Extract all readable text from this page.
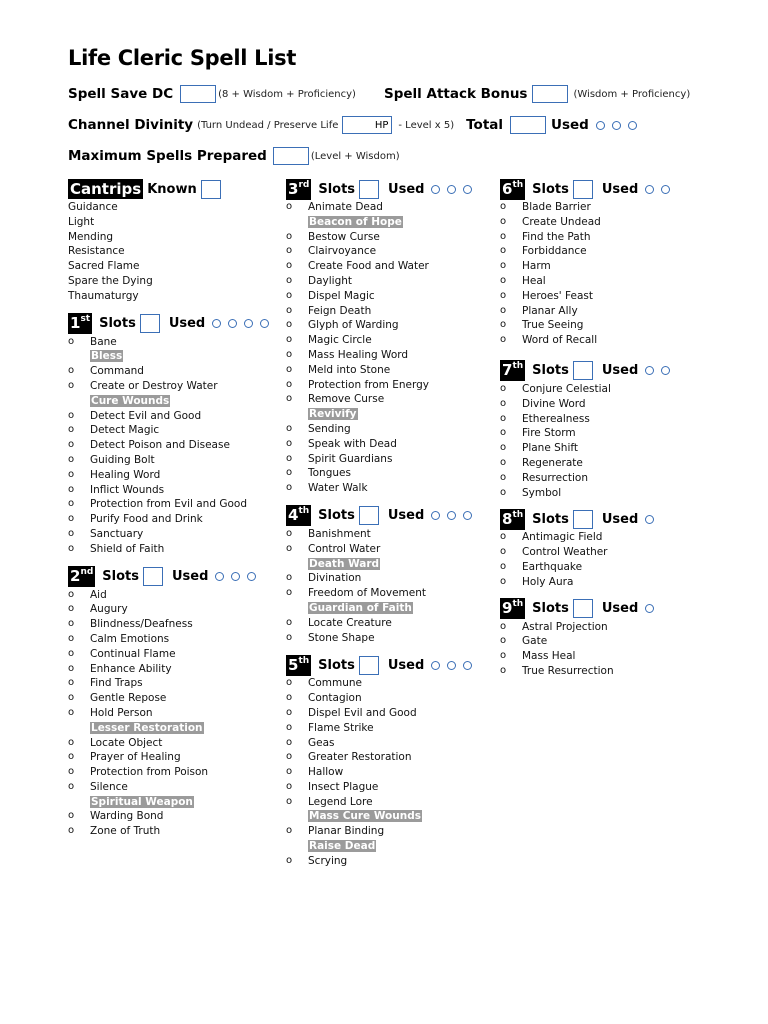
Life Cleric Spell List
Spell Save DC	(8 + Wisdom + Proficiency) Spell Attack Bonus	(Wisdom + Proficiency)
Channel Divinity (Turn Undead / Preserve Life	HP - Level x 5) Total	Used
Maximum Spells Prepared	(Level + Wisdom)
Cantrips Known
Guidance
Light
Mending
Resistance
Sacred Flame
Spare the Dying
Thaumaturgy
1st Slots	Used
o Bane
Bless
o Command
o Create or Destroy Water
Cure Wounds
o Detect Evil and Good
o Detect Magic
o Detect Poison and Disease
o Guiding Bolt
o Healing Word
o Inflict Wounds
o Protection from Evil and Good
o Purify Food and Drink
o Sanctuary
o Shield of Faith
2nd Slots	Used
o Aid
o Augury
o Blindness/Deafness
o Calm Emotions
o Continual Flame
o Enhance Ability
o Find Traps
o Gentle Repose
o Hold Person
Lesser Restoration
o Locate Object
o Prayer of Healing
o Protection from Poison
o Silence
Spiritual Weapon
o Warding Bond
o Zone of Truth
3rd Slots	Used
o Animate Dead
Beacon of Hope
o Bestow Curse
o Clairvoyance
o Create Food and Water
o Daylight
o Dispel Magic
o Feign Death
o Glyph of Warding
o Magic Circle
o Mass Healing Word
o Meld into Stone
o Protection from Energy
o Remove Curse
Revivify
o Sending
o Speak with Dead
o Spirit Guardians
o Tongues
o Water Walk
4th Slots	Used
o Banishment
o Control Water
Death Ward
o Divination
o Freedom of Movement
Guardian of Faith
o Locate Creature
o Stone Shape
5th Slots	Used
o Commune
o Contagion
o Dispel Evil and Good
o Flame Strike
o Geas
o Greater Restoration
o Hallow
o Insect Plague
o Legend Lore
Mass Cure Wounds
o Planar Binding
Raise Dead
o Scrying
6th Slots	Used
o Blade Barrier
o Create Undead
o Find the Path
o Forbiddance
o Harm
o Heal
o Heroes' Feast
o Planar Ally
o True Seeing
o Word of Recall
7th Slots	Used
o Conjure Celestial
o Divine Word
o Etherealness
o Fire Storm
o Plane Shift
o Regenerate
o Resurrection
o Symbol
8th Slots	Used
o Antimagic Field
o Control Weather
o Earthquake
o Holy Aura
9th Slots	Used
o Astral Projection
o Gate
o Mass Heal
o True Resurrection
